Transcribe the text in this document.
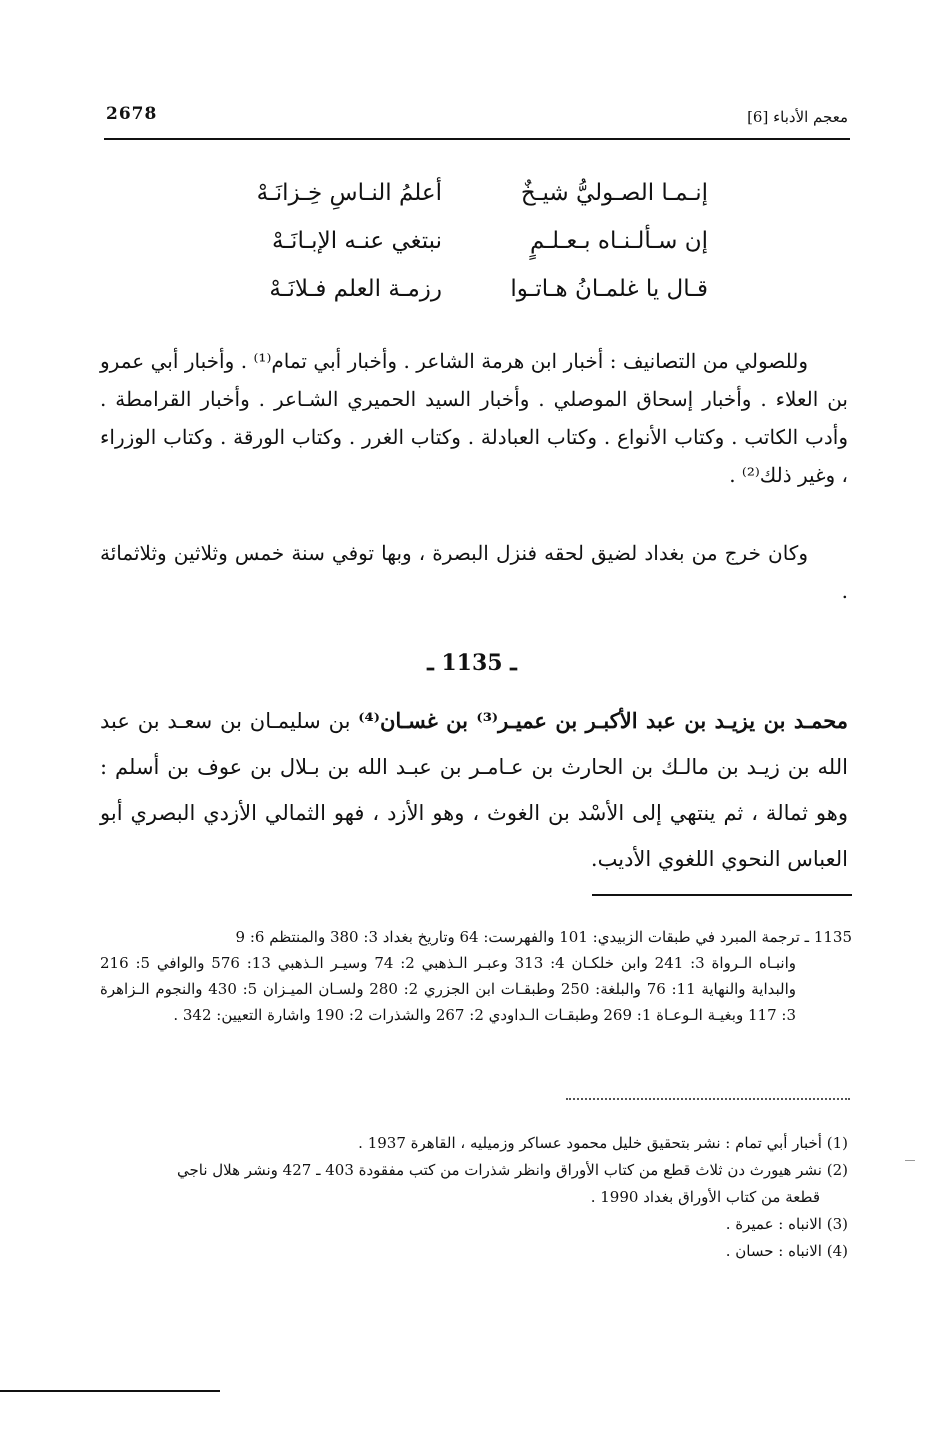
2678	معجم الأدباء [6]
إنـمـا الصـوليُّ شيـخٌ
أعلمُ النـاسِ خِـزانَـهْ
إن سـألـنـاه بـعـلـمٍ
نبتغي عنـه الإبـانَـهْ
قـال يا غلمـانُ هـاتـوا
رزمـة العلم فـلانَـهْ

وللصولي من التصانيف : أخبار ابن هرمة الشاعر . وأخبار أبي تمام⁽¹⁾ . وأخبار أبي عمرو بن العلاء . وأخبار إسحاق الموصلي . وأخبار السيد الحميري الشـاعر . وأخبار القرامطة . وأدب الكاتب . وكتاب الأنواع . وكتاب العبادلة . وكتاب الغرر . وكتاب الورقة . وكتاب الوزراء ، وغير ذلك⁽²⁾ .

وكان خرج من بغداد لضيق لحقه فنزل البصرة ، وبها توفي سنة خمس وثلاثين وثلاثمائة .

ـ 1135 ـ

محمـد بن يزيـد بن عبد الأكبـر بن عميـر⁽³⁾ بن غسـان⁽⁴⁾ بن سليمـان بن سعـد بن عبد الله بن زيـد بن مالـك بن الحارث بن عـامـر بن عبـد الله بن بـلال بن عوف بن أسلم : وهو ثمالة ، ثم ينتهي إلى الأسْد بن الغوث ، وهو الأزد ، فهو الثمالي الأزدي البصري أبو العباس النحوي اللغوي الأديب.

1135 ـ ترجمة المبرد في طبقات الزبيدي: 101 والفهرست: 64 وتاريخ بغداد 3: 380 والمنتظم 6: 9
وانبـاه الـرواة 3: 241 وابن خلكـان 4: 313 وعبـر الـذهبي 2: 74 وسيـر الـذهبي 13: 576 والوافي 5: 216 والبداية والنهاية 11: 76 والبلغة: 250 وطبقـات ابن الجزري 2: 280 ولسـان الميـزان 5: 430 والنجوم الـزاهرة 3: 117 وبغيـة الـوعـاة 1: 269 وطبقـات الـداودي 2: 267 والشذرات 2: 190 واشارة التعيين: 342 .
(1) أخبار أبي تمام : نشر بتحقيق خليل محمود عساكر وزميليه ، القاهرة 1937 .
(2) نشر هيورث دن ثلاث قطع من كتاب الأوراق وانظر شذرات من كتب مفقودة 403 ـ 427 ونشر هلال ناجي
قطعة من كتاب الأوراق بغداد 1990 .
(3) الانباه : عميرة .
(4) الانباه : حسان .
